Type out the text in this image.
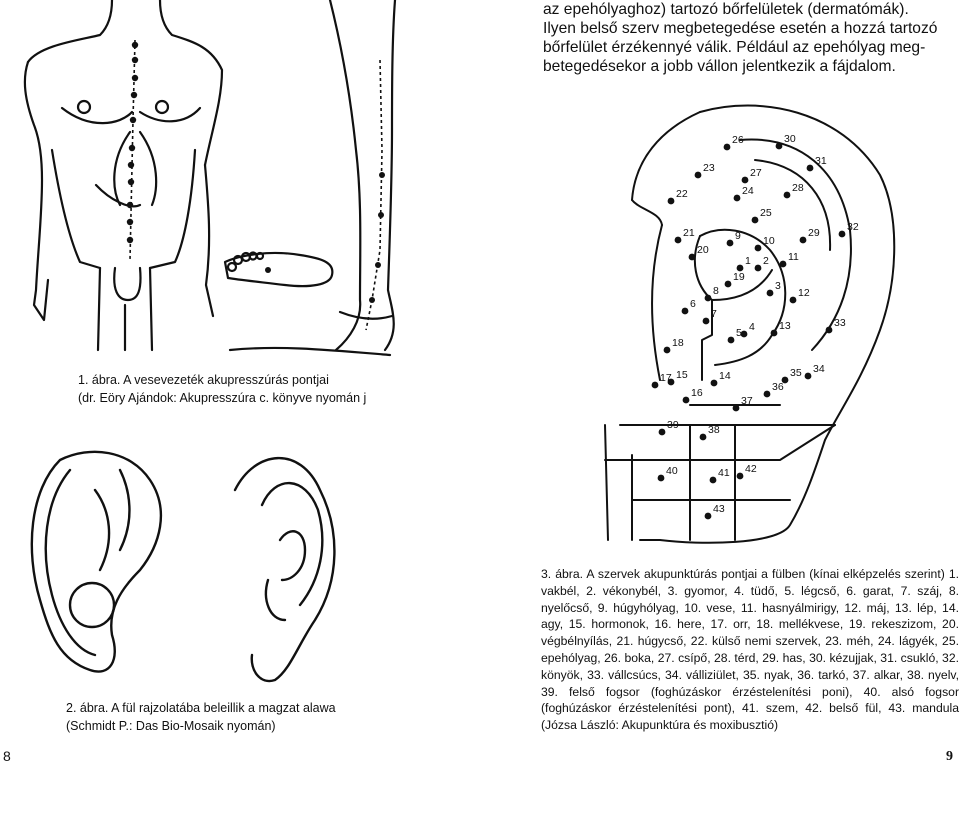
az epehólyaghoz) tartozó bőrfelületek (dermatómák).
Ilyen belső szerv megbetegedése esetén a hozzá tartozó
bőrfelület érzékennyé válik. Például az epehólyag meg-
betegedésekor a jobb vállon jelentkezik a fájdalom.
1. ábra. A vesevezeték akupresszúrás pontjai
(dr. Eöry Ajándok: Akupresszúra c. könyve nyomán j
2. ábra. A fül rajzolatába beleillik a magzat alawa
(Schmidt P.: Das Bio-Mosaik nyomán)
1 2
3
4
5
6
7
8
9 10
11
12
13
14
15
16
17
18
19
20
21
22
23
24
25
26
27
28
29
30
31
32
33
34
35
36
37
38
39
40	41 42
43
3. ábra. A szervek akupunktúrás pontjai a fülben (kínai elképzelés szerint) 1. vakbél, 2. vékonybél, 3. gyomor, 4. tüdő, 5. légcső, 6. garat, 7. száj, 8. nyelőcső, 9. húgyhólyag, 10. vese, 11. hasnyálmirigy, 12. máj, 13. lép, 14. agy, 15. hormonok, 16. here, 17. orr, 18. mellékvese, 19. rekeszizom, 20. végbélnyílás, 21. húgycső, 22. külső nemi szervek, 23. méh, 24. lágyék, 25. epehólyag, 26. boka, 27. csípő, 28. térd, 29. has, 30. kézujjak, 31. csukló, 32. könyök, 33. vállcsúcs, 34. válliziület, 35. nyak, 36. tarkó, 37. alkar, 38. nyelv, 39. felső fogsor (foghúzáskor érzéstelenítési poni), 40. alsó fogsor (foghúzáskor érzéstelenítési pont), 41. szem, 42. belső fül, 43. mandula (Józsa László: Akupunktúra és moxibusztió)
8	9
